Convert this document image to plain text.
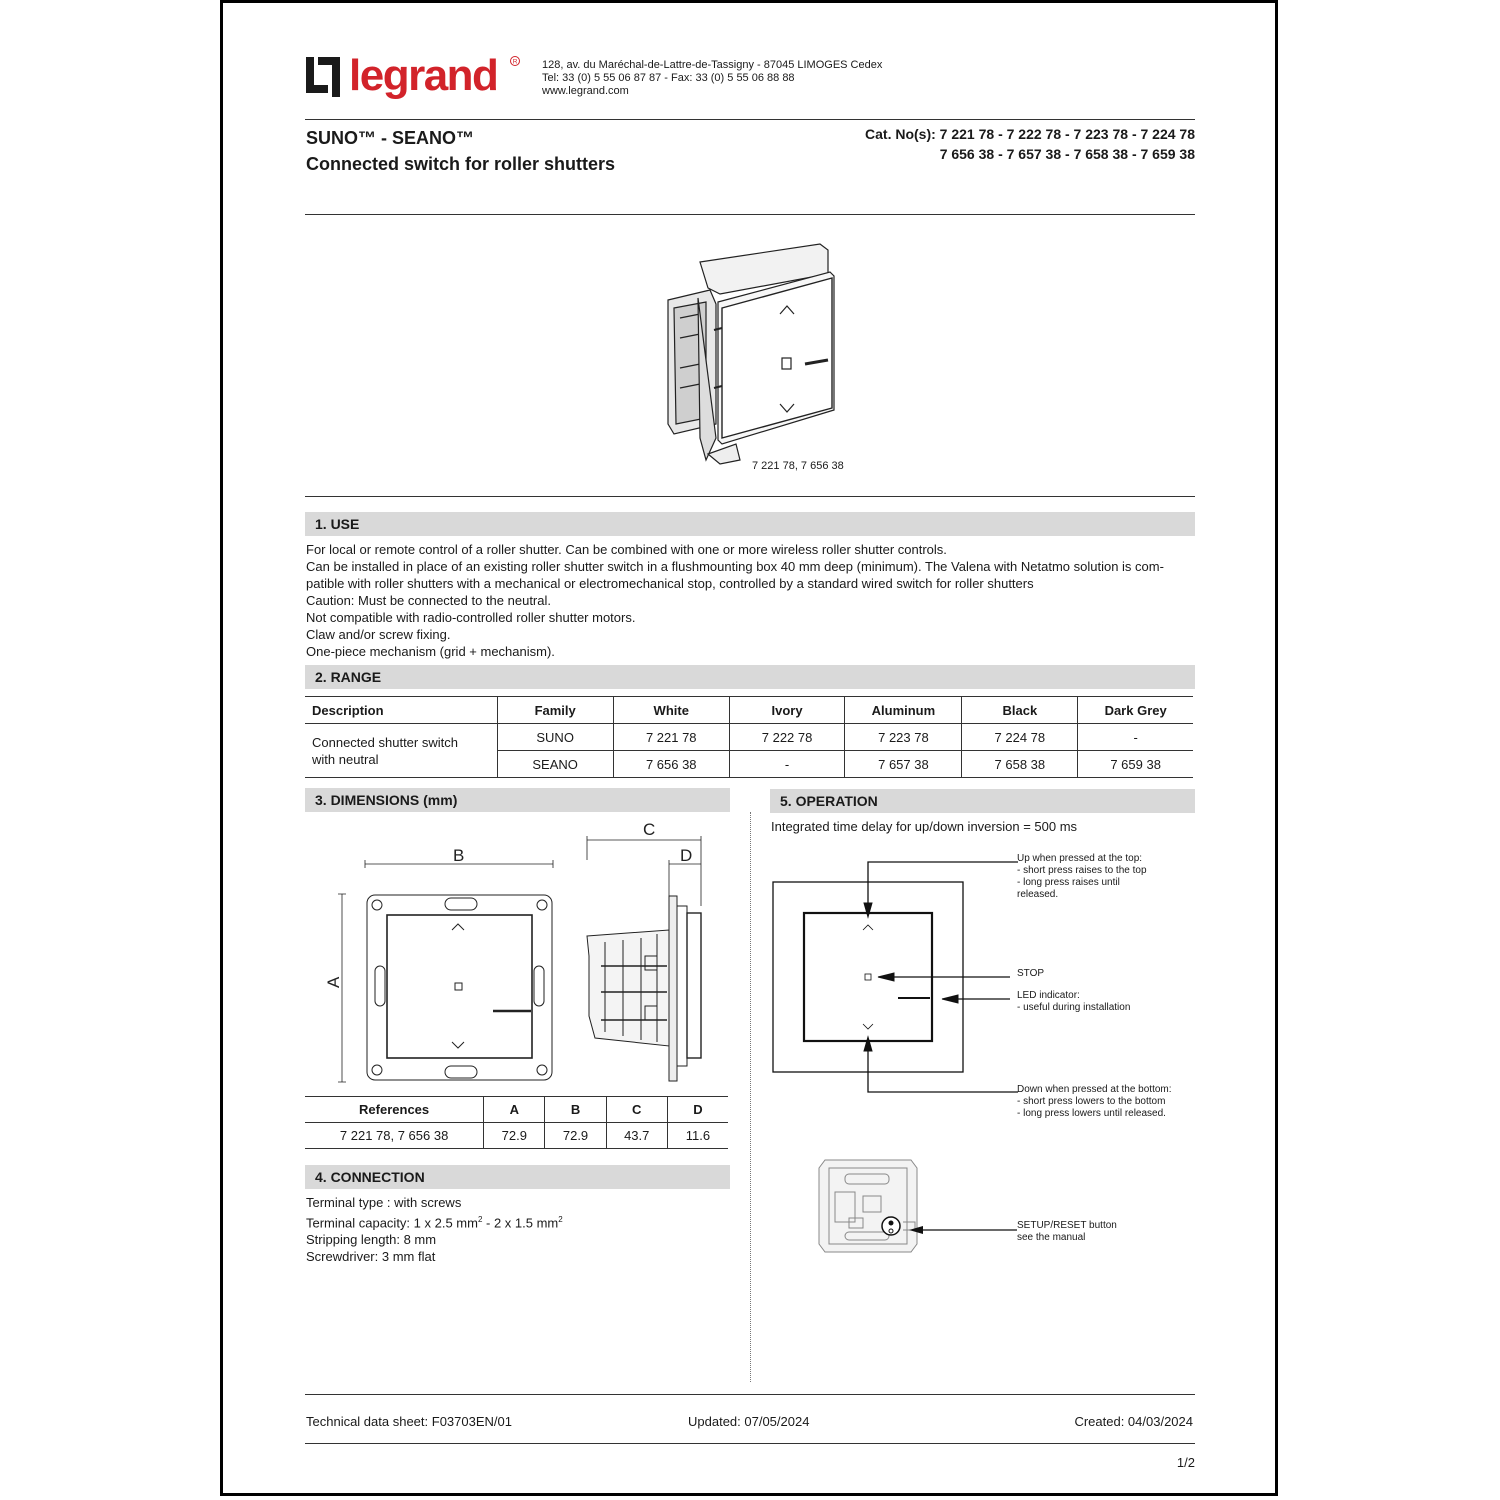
legrand R 128, av. du Maréchal-de-Lattre-de-Tassigny - 87045 LIMOGES Cedex
Tel: 33 (0) 5 55 06 87 87 - Fax: 33 (0) 5 55 06 88 88
www.legrand.com
SUNO™ - SEANO™
Connected switch for roller shutters
Cat. No(s): 7 221 78 - 7 222 78 - 7 223 78 - 7 224 78
7 656 38 - 7 657 38 - 7 658 38 - 7 659 38
7 221 78, 7 656 38
1. USE
For local or remote control of a roller shutter. Can be combined with one or more wireless roller shutter controls.
Can be installed in place of an existing roller shutter switch in a flushmounting box 40 mm deep (minimum). The Valena with Netatmo solution is com-
patible with roller shutters with a mechanical or electromechanical stop, controlled by a standard wired switch for roller shutters
Caution: Must be connected to the neutral.
Not compatible with radio-controlled roller shutter motors.
Claw and/or screw fixing.
One-piece mechanism (grid + mechanism).
2. RANGE
Description	Family	White	Ivory	Aluminum	Black	Dark Grey

Connected shutter switch
with neutral	SUNO	7 221 78	7 222 78	7 223 78	7 224 78	-
	SEANO	7 656 38	-	7 657 38	7 658 38	7 659 38
3. DIMENSIONS (mm)
B
A
C
D
References	A	B	C	D
7 221 78, 7 656 38	72.9	72.9	43.7	11.6
4. CONNECTION
Terminal type : with screws
Terminal capacity: 1 x 2.5 $mm^2 - 2$ x 1.5 $mm^2$
Stripping length: 8 mm
Screwdriver: 3 mm flat
5. OPERATION
Integrated time delay for up/down inversion = 500 ms
Up when pressed at the top:
- short press raises to the top
- long press raises until
released.
STOP
LED indicator:
- useful during installation
Down when pressed at the bottom:
- short press lowers to the bottom
- long press lowers until released.
SETUP/RESET button
see the manual
Technical data sheet: F03703EN/01	Updated: 07/05/2024	Created: 04/03/2024
1/2
